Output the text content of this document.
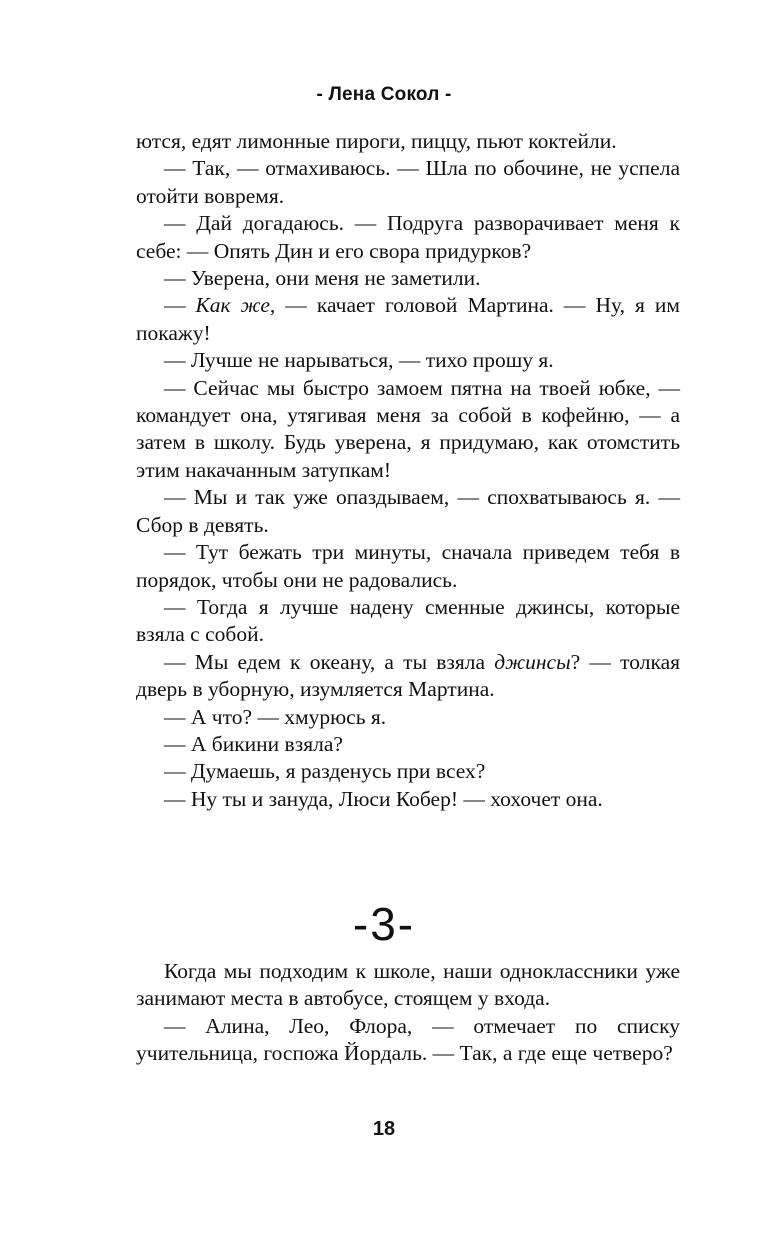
- Лена Сокол -

ются, едят лимонные пироги, пиццу, пьют коктейли.

— Так, — отмахиваюсь. — Шла по обочине, не успела отойти вовремя.

— Дай догадаюсь. — Подруга разворачивает меня к себе: — Опять Дин и его свора придурков?

— Уверена, они меня не заметили.

— Как же, — качает головой Мартина. — Ну, я им покажу!

— Лучше не нарываться, — тихо прошу я.

— Сейчас мы быстро замоем пятна на твоей юбке, — командует она, утягивая меня за собой в кофейню, — а затем в школу. Будь уверена, я придумаю, как отомстить этим накачанным затупкам!

— Мы и так уже опаздываем, — спохватываюсь я. — Сбор в девять.

— Тут бежать три минуты, сначала приведем тебя в порядок, чтобы они не радовались.

— Тогда я лучше надену сменные джинсы, которые взяла с собой.

— Мы едем к океану, а ты взяла джинсы? — толкая дверь в уборную, изумляется Мартина.

— А что? — хмурюсь я.

— А бикини взяла?

— Думаешь, я разденусь при всех?

— Ну ты и зануда, Люси Кобер! — хохочет она.

-3-

Когда мы подходим к школе, наши одноклассники уже занимают места в автобусе, стоящем у входа.

— Алина, Лео, Флора, — отмечает по списку учительница, госпожа Йордаль. — Так, а где еще четверо?

18
